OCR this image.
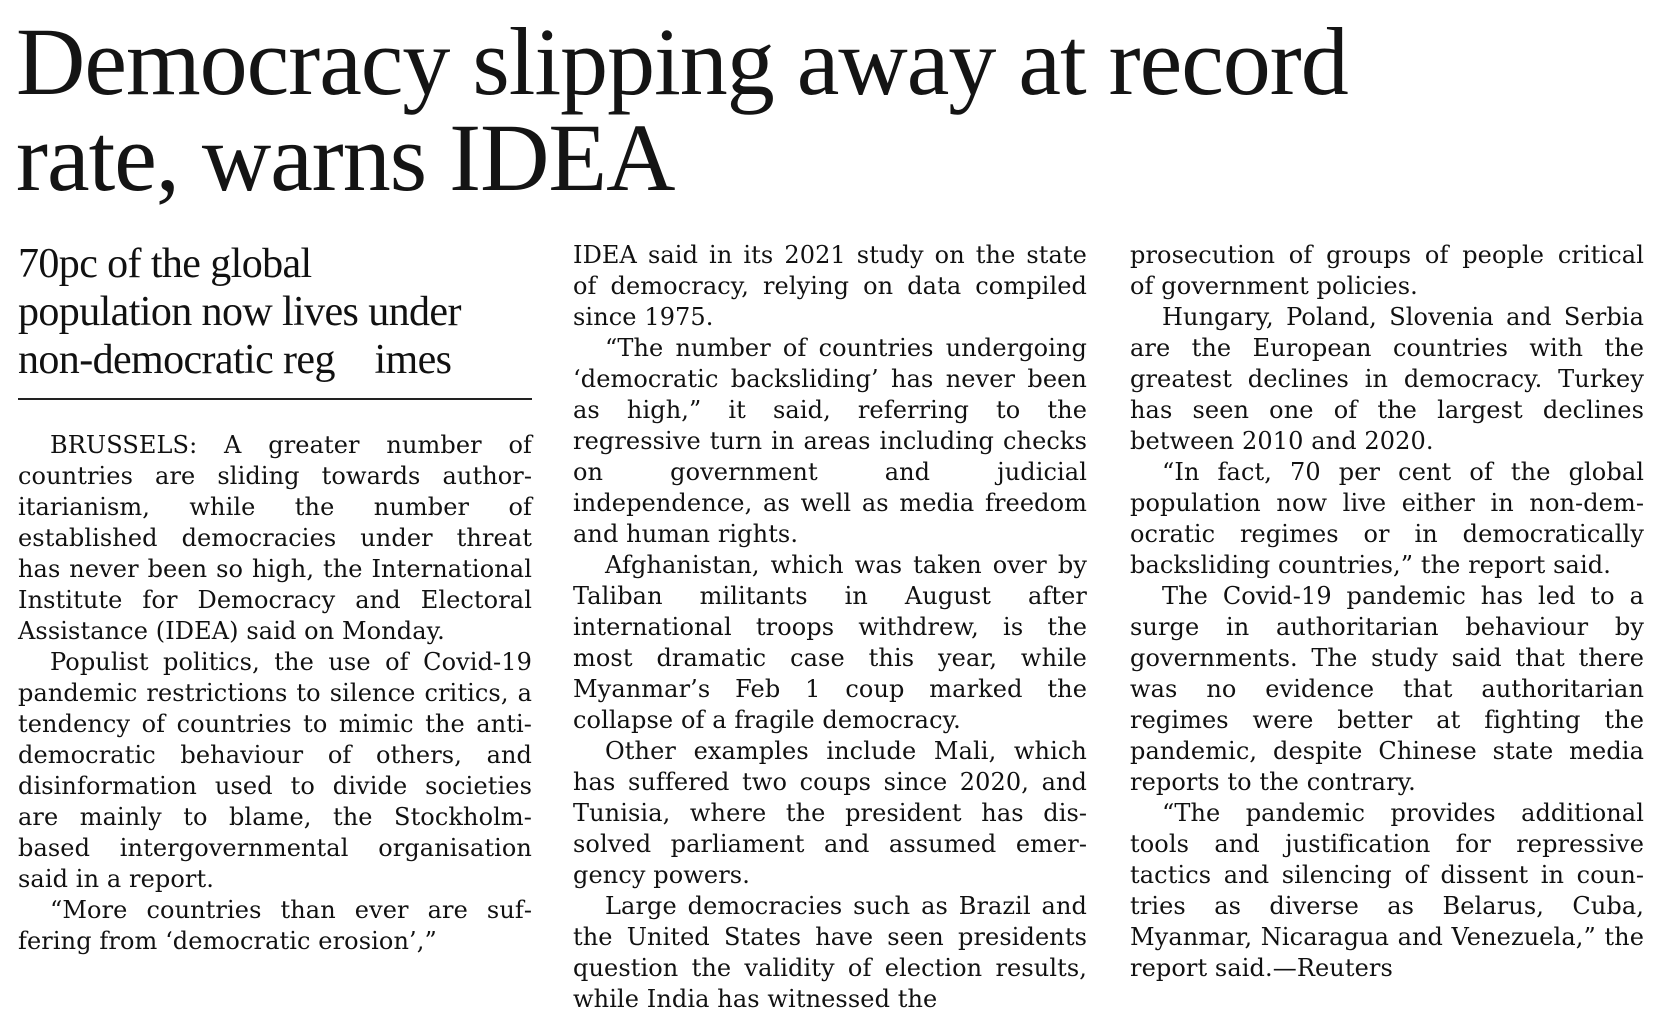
Democracy slipping away at record
rate, warns IDEA
70pc of the global
population now lives under
non-democratic reg    imes

BRUSSELS: A greater number of countries are sliding towards authoritarianism, while the number of established democracies under threat has never been so high, the International Institute for Democracy and Electoral Assistance (IDEA) said on Monday.

Populist politics, the use of Covid-19 pandemic restrictions to silence critics, a tendency of countries to mimic the anti-democratic behaviour of others, and disinformation used to divide societies are mainly to blame, the Stockholm-based intergovernmental organisation said in a report.

“More countries than ever are suffering from ‘democratic erosion’,”

IDEA said in its 2021 study on the state of democracy, relying on data compiled since 1975.

“The number of countries undergoing ‘democratic backsliding’ has never been as high,” it said, referring to the regressive turn in areas including checks on government and judicial independence, as well as media freedom and human rights.

Afghanistan, which was taken over by Taliban militants in August after international troops withdrew, is the most dramatic case this year, while Myanmar’s Feb 1 coup marked the collapse of a fragile democracy.

Other examples include Mali, which has suffered two coups since 2020, and Tunisia, where the president has dissolved parliament and assumed emergency powers.

Large democracies such as Brazil and the United States have seen presidents question the validity of election results, while India has witnessed the

prosecution of groups of people critical of government policies.

Hungary, Poland, Slovenia and Serbia are the European countries with the greatest declines in democracy. Turkey has seen one of the largest declines between 2010 and 2020.

“In fact, 70 per cent of the global population now live either in non-democratic regimes or in democratically backsliding countries,” the report said.

The Covid-19 pandemic has led to a surge in authoritarian behaviour by governments. The study said that there was no evidence that authoritarian regimes were better at fighting the pandemic, despite Chinese state media reports to the contrary.

“The pandemic provides additional tools and justification for repressive tactics and silencing of dissent in countries as diverse as Belarus, Cuba, Myanmar, Nicaragua and Venezuela,” the report said.—Reuters
